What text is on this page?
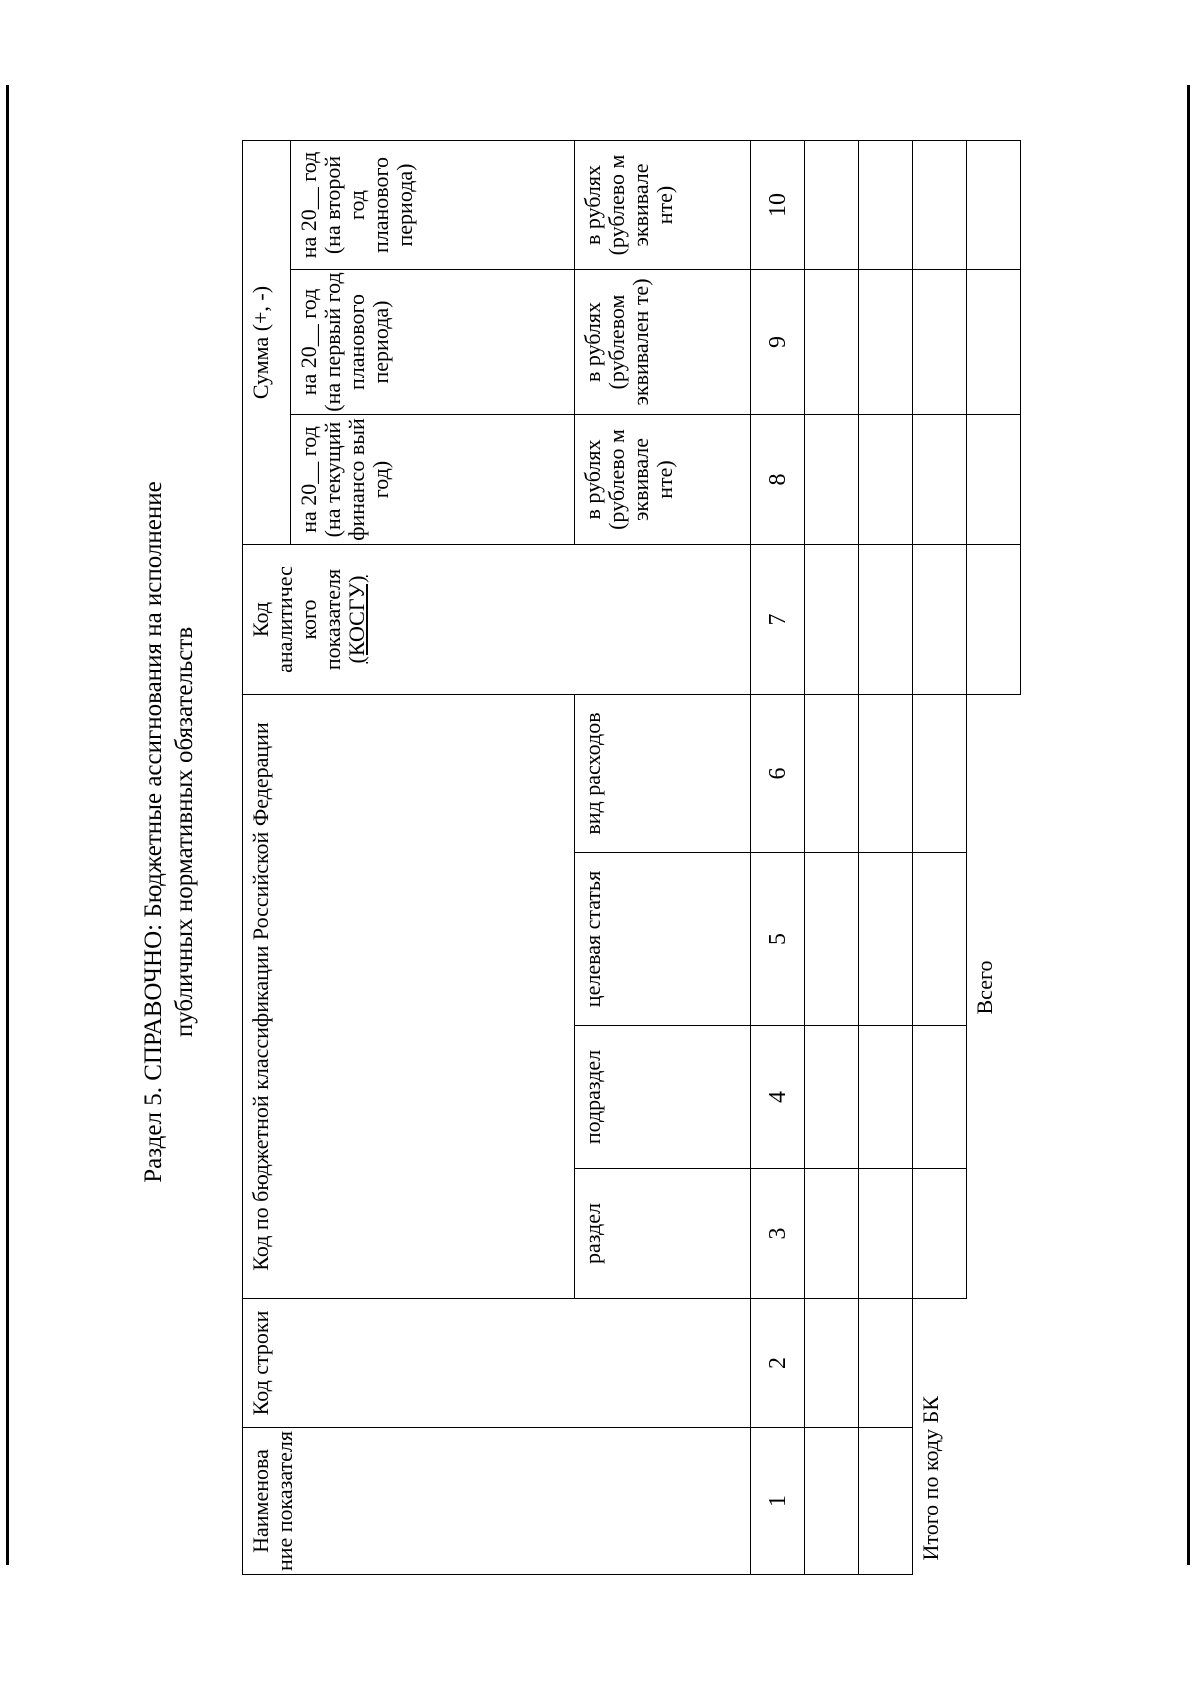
Раздел 5. СПРАВОЧНО: Бюджетные ассигнования на исполнение публичных нормативных обязательств
Наименова ние показателя	Код строки	Код по бюджетной классификации Российской Федерации				Код аналитичес кого показателя (КОСГУ)	Сумма (+, -)		
							на 20__ год (на текущий финансо вый год)	на 20__ год (на первый год планового периода)	на 20__ год (на второй год планового периода)
		раздел	подраздел	целевая статья	вид расходов		в рублях (рублево м эквивале нте)	в рублях (рублевом эквивален те)	в рублях (рублево м эквивале нте)
1	2	3	4	5	6	7	8	9	10

Итого по коду БК									
Всего									
